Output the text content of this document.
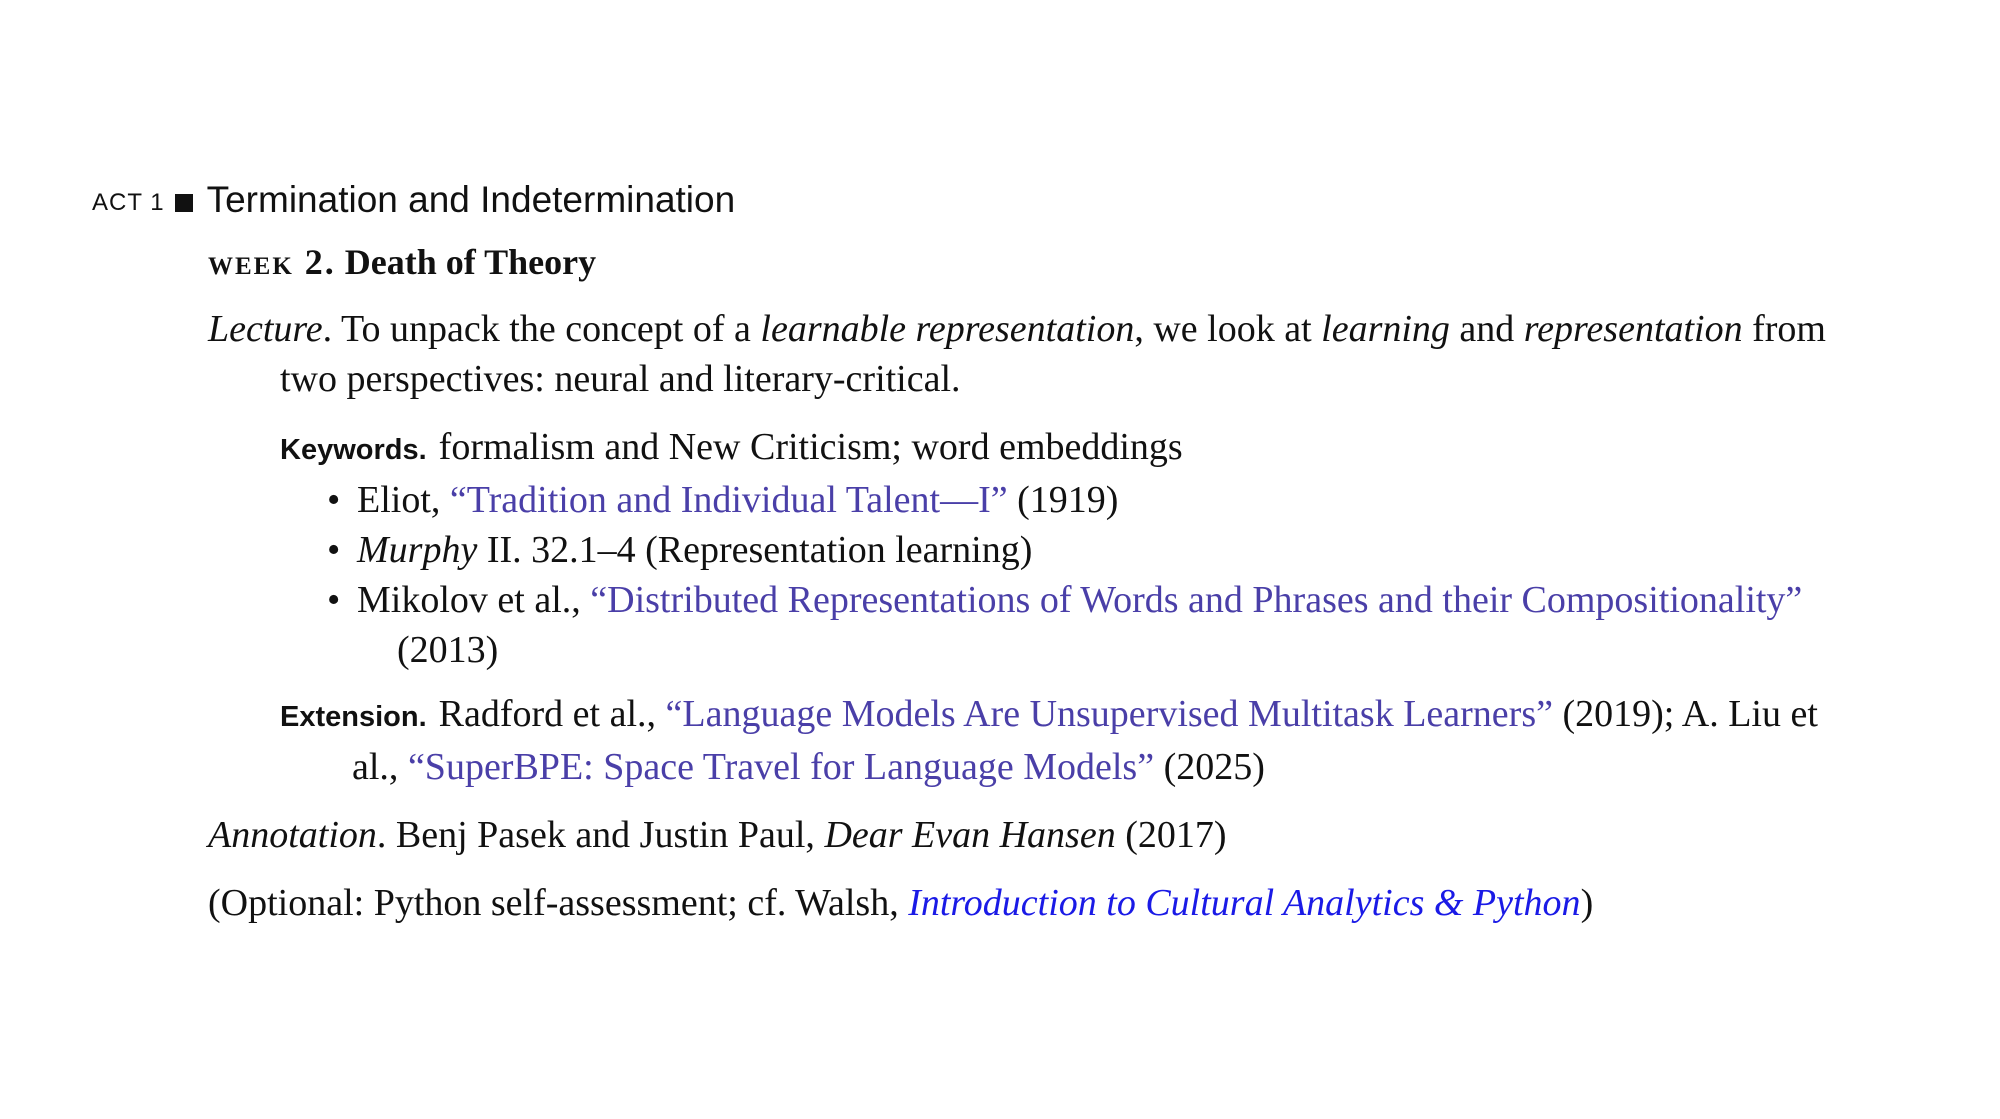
ACT 1 Termination and Indetermination
week 2. Death of Theory

Lecture. To unpack the concept of a learnable representation, we look at learning and representation from two perspectives: neural and literary-critical.

Keywords. formalism and New Criticism; word embeddings
• Eliot, “Tradition and Individual Talent—I” (1919)
• Murphy II. 32.1–4 (Representation learning)
• Mikolov et al., “Distributed Representations of Words and Phrases and their Compositionality” (2013)

Extension. Radford et al., “Language Models Are Unsupervised Multitask Learners” (2019); A. Liu et al., “SuperBPE: Space Travel for Language Models” (2025)

Annotation. Benj Pasek and Justin Paul, Dear Evan Hansen (2017)

(Optional: Python self-assessment; cf. Walsh, Introduction to Cultural Analytics & Python)
